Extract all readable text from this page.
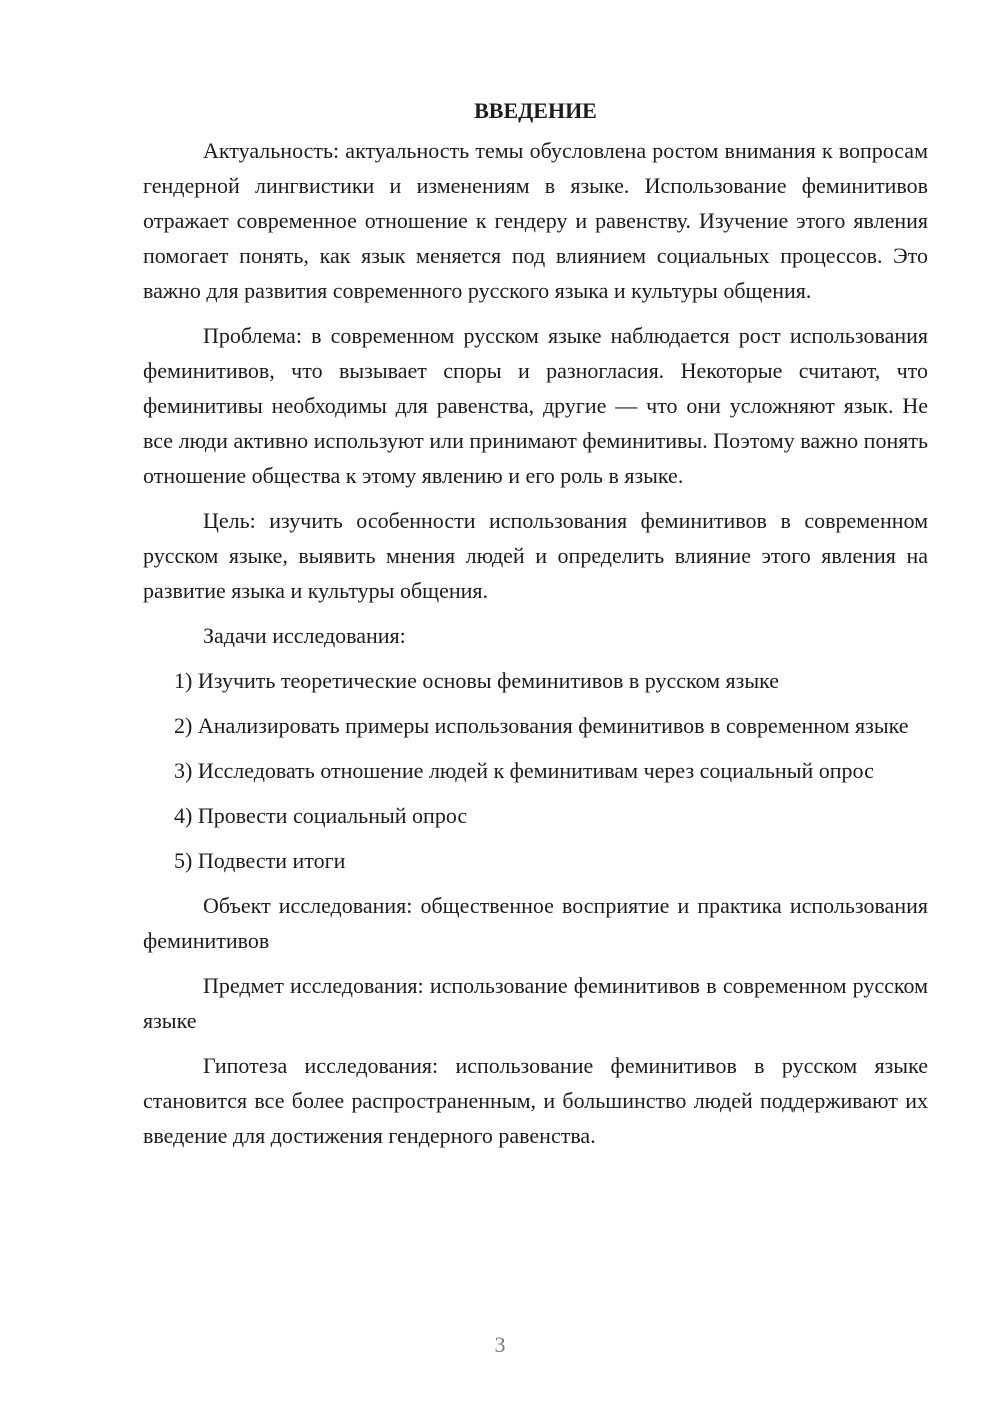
ВВЕДЕНИЕ

Актуальность: актуальность темы обусловлена ростом внимания к вопросам гендерной лингвистики и изменениям в языке. Использование феминитивов отражает современное отношение к гендеру и равенству. Изучение этого явления помогает понять, как язык меняется под влиянием социальных процессов. Это важно для развития современного русского языка и культуры общения.

Проблема: в современном русском языке наблюдается рост использования феминитивов, что вызывает споры и разногласия. Некоторые считают, что феминитивы необходимы для равенства, другие — что они усложняют язык. Не все люди активно используют или принимают феминитивы. Поэтому важно понять отношение общества к этому явлению и его роль в языке.

Цель: изучить особенности использования феминитивов в современном русском языке, выявить мнения людей и определить влияние этого явления на развитие языка и культуры общения.

Задачи исследования:

1) Изучить теоретические основы феминитивов в русском языке

2) Анализировать примеры использования феминитивов в современном языке

3) Исследовать отношение людей к феминитивам через социальный опрос

4) Провести социальный опрос

5) Подвести итоги

Объект исследования: общественное восприятие и практика использования феминитивов

Предмет исследования: использование феминитивов в современном русском языке

Гипотеза исследования: использование феминитивов в русском языке становится все более распространенным, и большинство людей поддерживают их введение для достижения гендерного равенства.

3
